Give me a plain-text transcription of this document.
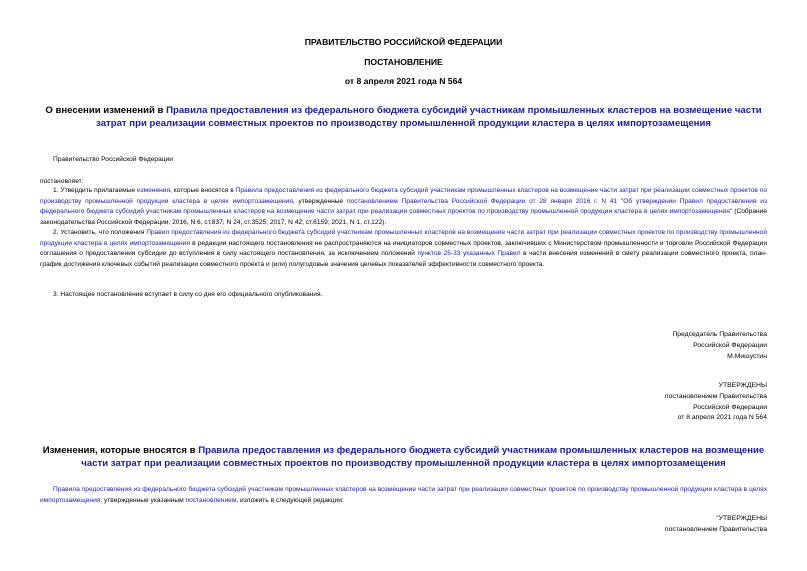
ПРАВИТЕЛЬСТВО РОССИЙСКОЙ ФЕДЕРАЦИИ
ПОСТАНОВЛЕНИЕ
от 8 апреля 2021 года N 564
О внесении изменений в Правила предоставления из федерального бюджета субсидий участникам промышленных кластеров на возмещение части затрат при реализации совместных проектов по производству промышленной продукции кластера в целях импортозамещения
Правительство Российской Федерации
постановляет:
1. Утвердить прилагаемые изменения, которые вносятся в Правила предоставления из федерального бюджета субсидий участникам промышленных кластеров на возмещение части затрат при реализации совместных проектов по производству промышленной продукции кластера в целях импортозамещения, утвержденные постановлением Правительства Российской Федерации от 28 января 2016 г. N 41 "Об утверждении Правил предоставления из федерального бюджета субсидий участникам промышленных кластеров на возмещение части затрат при реализации совместных проектов по производству промышленной продукции кластера в целях импортозамещения" (Собрание законодательства Российской Федерации, 2016, N 6, ст.837; N 24, ст.3525; 2017, N 42, ст.6159; 2021, N 1, ст.122).
2. Установить, что положения Правил предоставления из федерального бюджета субсидий участникам промышленных кластеров на возмещение части затрат при реализации совместных проектов по производству промышленной продукции кластера в целях импортозамещения в редакции настоящего постановления не распространяются на инициаторов совместных проектов, заключивших с Министерством промышленности и торговли Российской Федерации соглашения о предоставлении субсидии до вступления в силу настоящего постановления, за исключением положений пунктов 25-33 указанных Правил в части внесения изменений в смету реализации совместного проекта, план-график достижения ключевых событий реализации совместного проекта и (или) полугодовые значения целевых показателей эффективности совместного проекта.
3. Настоящее постановление вступает в силу со дня его официального опубликования.
Председатель Правительства
Российской Федерации
М.Мишустин
УТВЕРЖДЕНЫ
постановлением Правительства
Российской Федерации
от 8 апреля 2021 года N 564
Изменения, которые вносятся в Правила предоставления из федерального бюджета субсидий участникам промышленных кластеров на возмещение части затрат при реализации совместных проектов по производству промышленной продукции кластера в целях импортозамещения
Правила предоставления из федерального бюджета субсидий участникам промышленных кластеров на возмещение части затрат при реализации совместных проектов по производству промышленной продукции кластера в целях импортозамещения, утвержденные указанным постановлением, изложить в следующей редакции:
"УТВЕРЖДЕНЫ
постановлением Правительства
